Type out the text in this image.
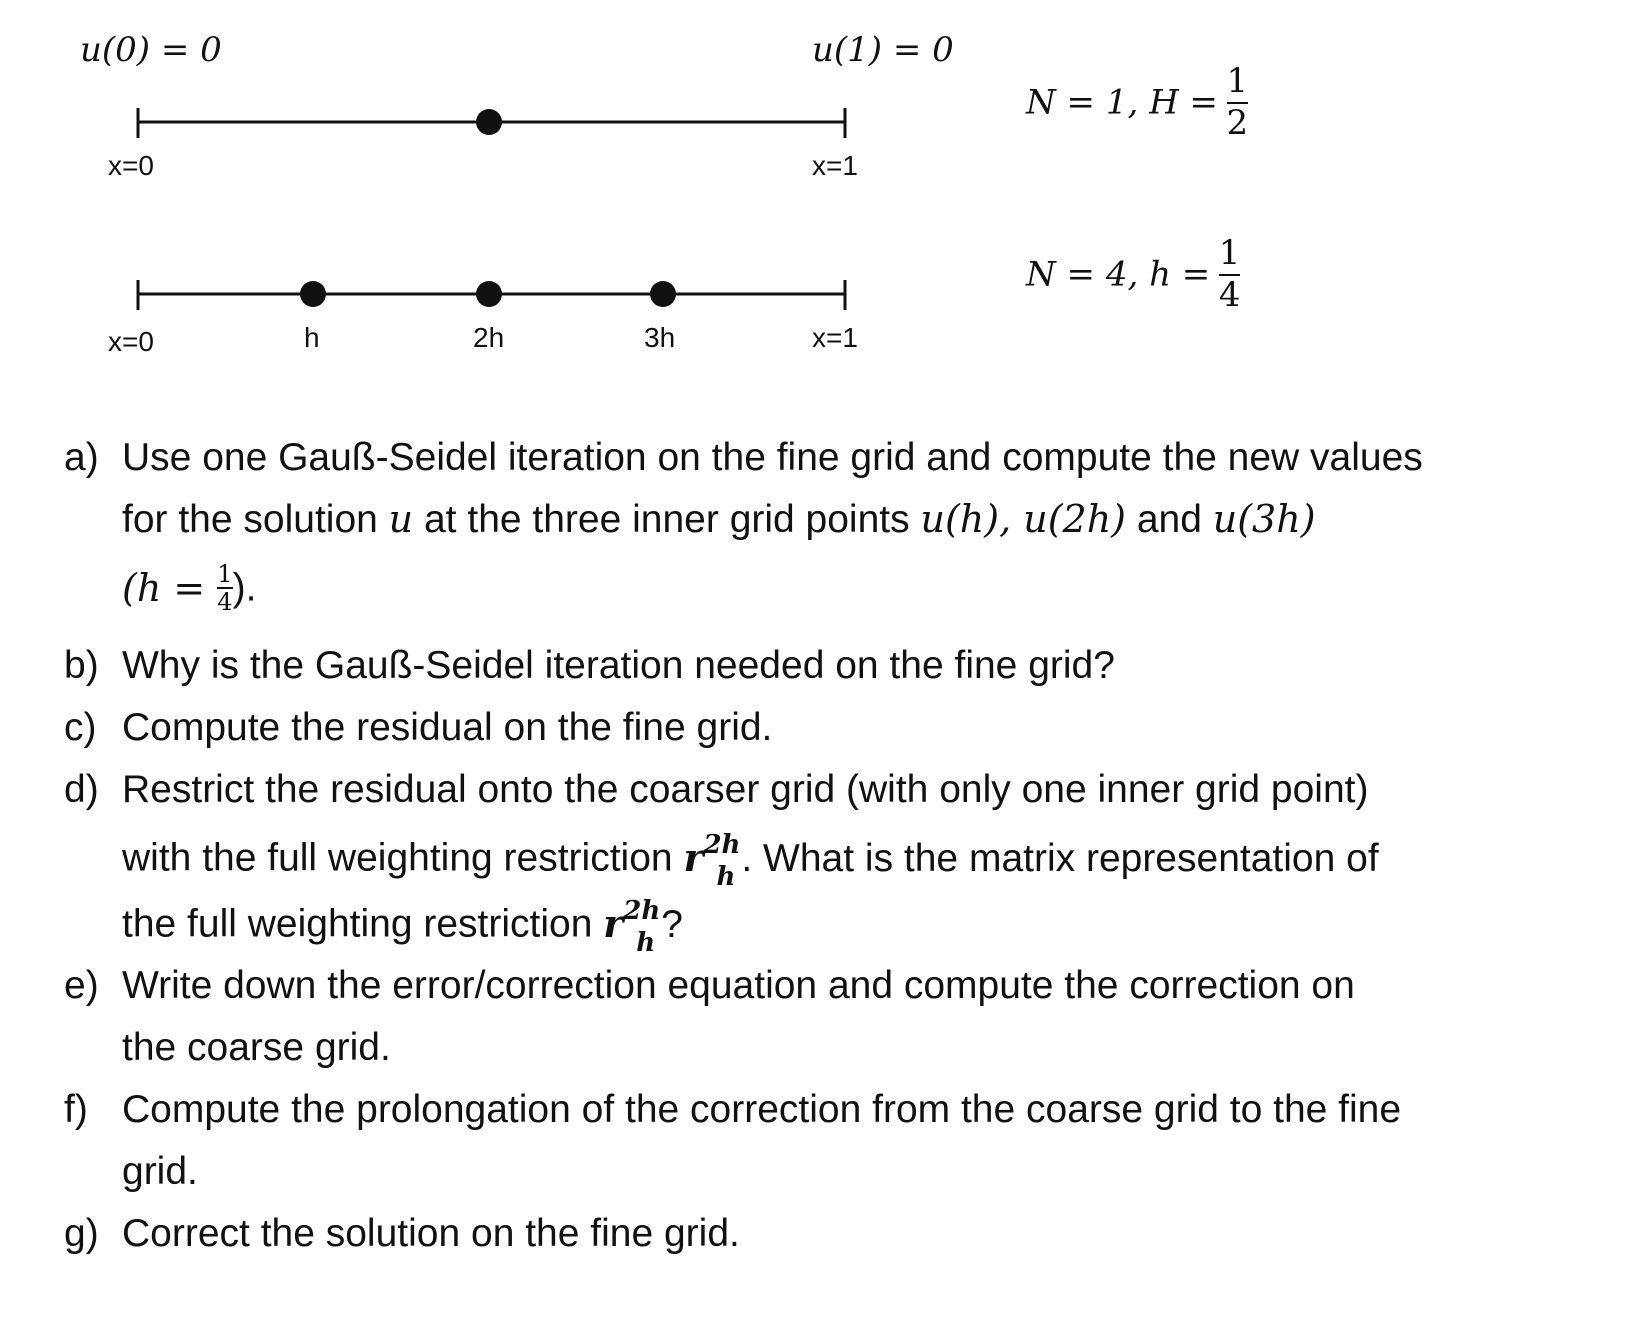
u(0) = 0	u(1) = 0
x=0	x=1
x=0	h	2h	3h	x=1
N = 1, $H = \frac{1}{2}$
N = 4, $h = \frac{1}{4}$
a) Use one Gauß-Seidel iteration on the fine grid and compute the new values
for the solution u at the three inner grid points u(h), u(2h) and u(3h)
($h = \frac{1}{4}$ ).
b) Why is the Gauß-Seidel iteration needed on the fine grid?
c) Compute the residual on the fine grid.
d) Restrict the residual onto the coarser grid (with only one inner grid point)
with the full weighting restriction $r^{2h}_h$ . What is the matrix representation of
the full weighting restriction $r^{2h}_h$ ?
e) Write down the error/correction equation and compute the correction on
the coarse grid.
f) Compute the prolongation of the correction from the coarse grid to the fine
grid.
g) Correct the solution on the fine grid.
